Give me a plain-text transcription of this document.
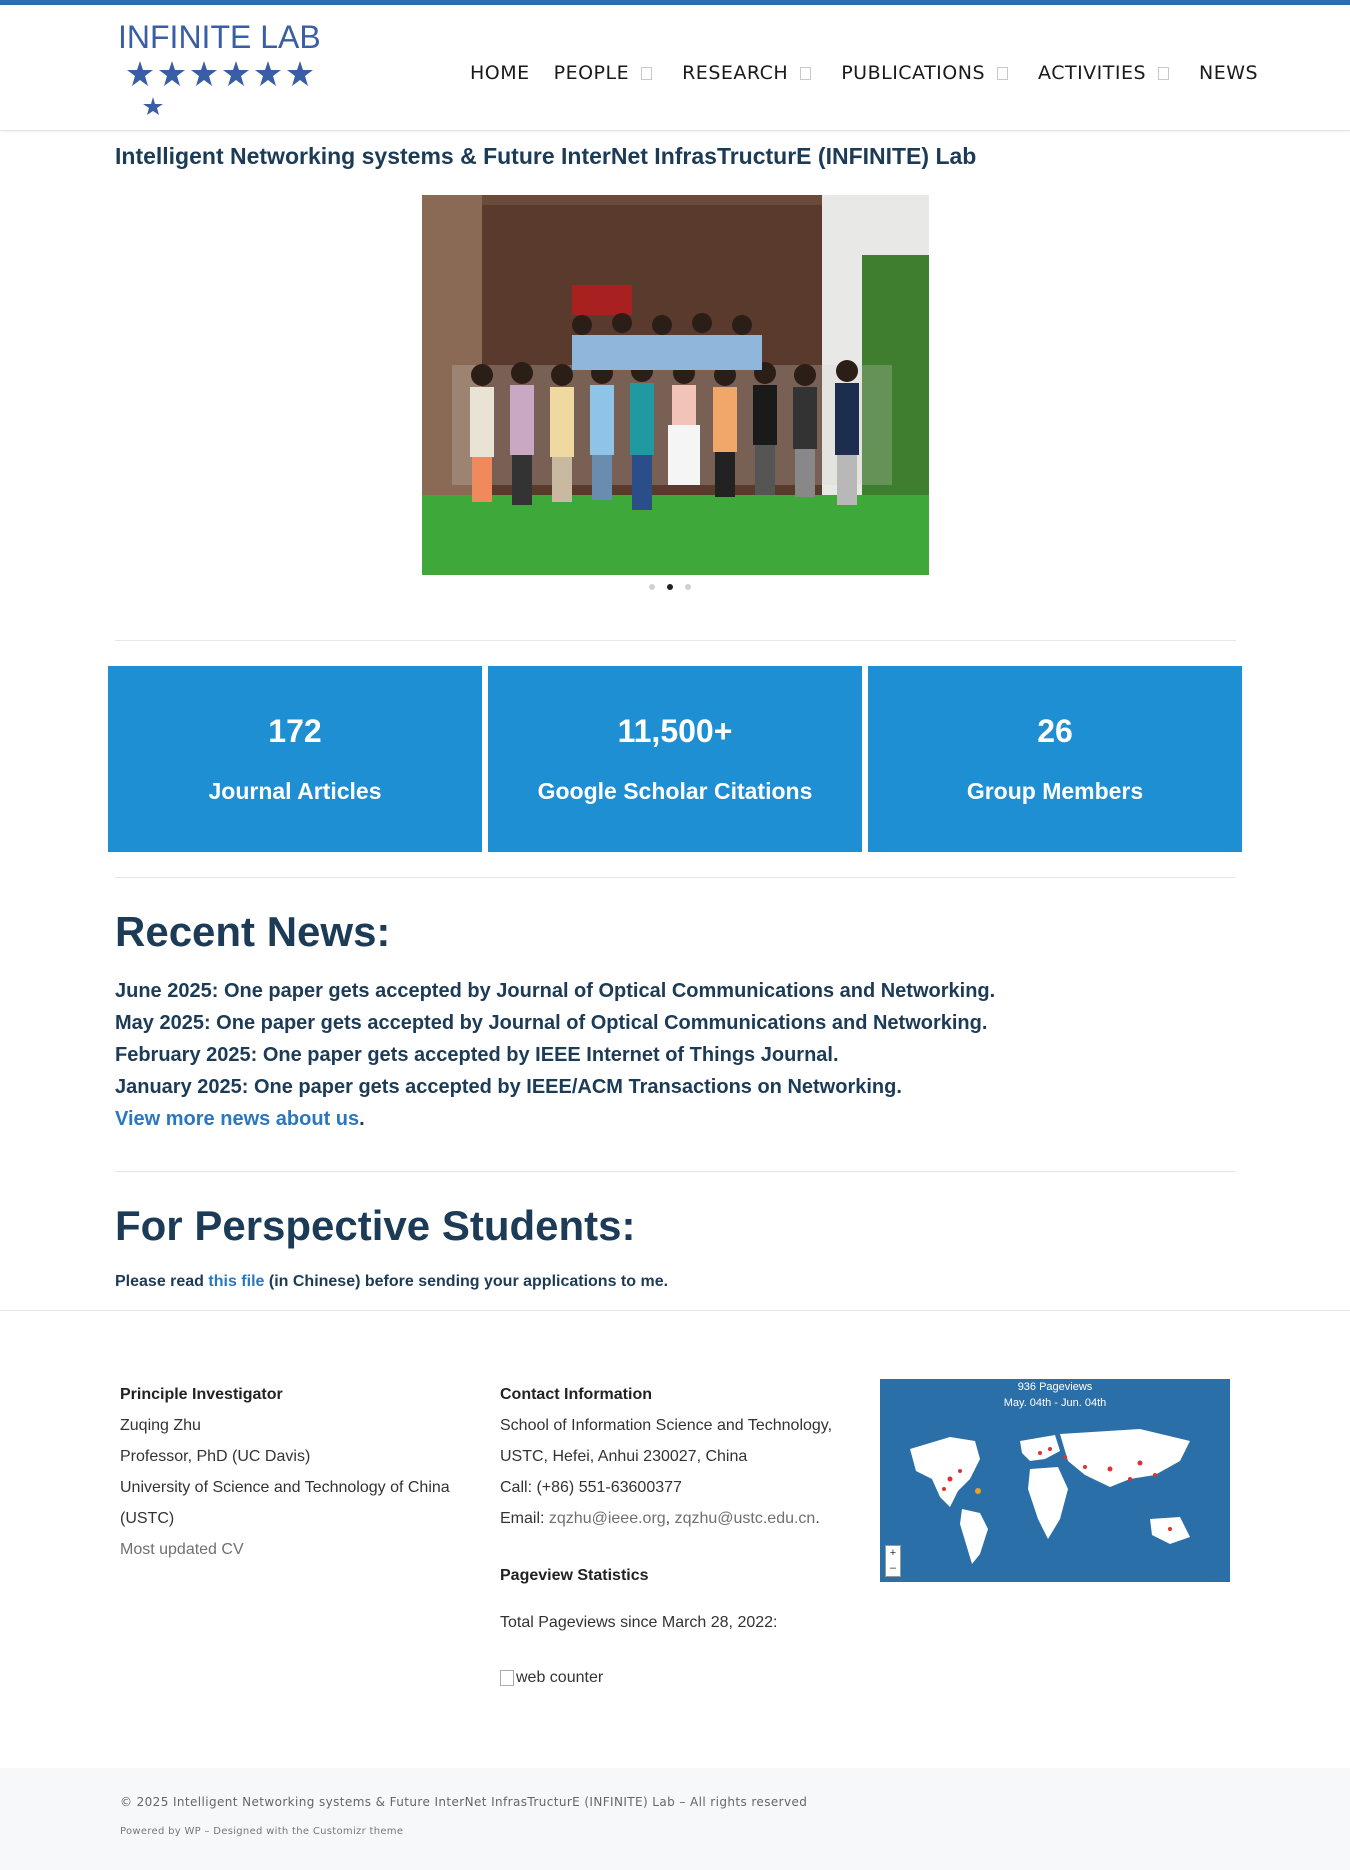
INFINITE LAB
HOME PEOPLE	RESEARCH	PUBLICATIONS	ACTIVITIES	NEWS
Intelligent Networking systems & Future InterNet InfrasTructurE (INFINITE) Lab
172
Journal Articles
11,500+
Google Scholar Citations
26
Group Members
Recent News:
June 2025: One paper gets accepted by Journal of Optical Communications and Networking.
May 2025: One paper gets accepted by Journal of Optical Communications and Networking.
February 2025: One paper gets accepted by IEEE Internet of Things Journal.
January 2025: One paper gets accepted by IEEE/ACM Transactions on Networking.
View more news about us.
For Perspective Students:
Please read this file (in Chinese) before sending your applications to me.
Principle Investigator
Zuqing Zhu
Professor, PhD (UC Davis)
University of Science and Technology of China
(USTC)
Most updated CV
Contact Information
School of Information Science and Technology,
USTC, Hefei, Anhui 230027, China
Call: (+86) 551-63600377
Email: zqzhu@ieee.org, zqzhu@ustc.edu.cn.
Pageview Statistics
Total Pageviews since March 28, 2022:
web counter
936 Pageviews
May. 04th - Jun. 04th
+
–
© 2025 Intelligent Networking systems & Future InterNet InfrasTructurE (INFINITE) Lab – All rights reserved
Powered by WP – Designed with the Customizr theme
